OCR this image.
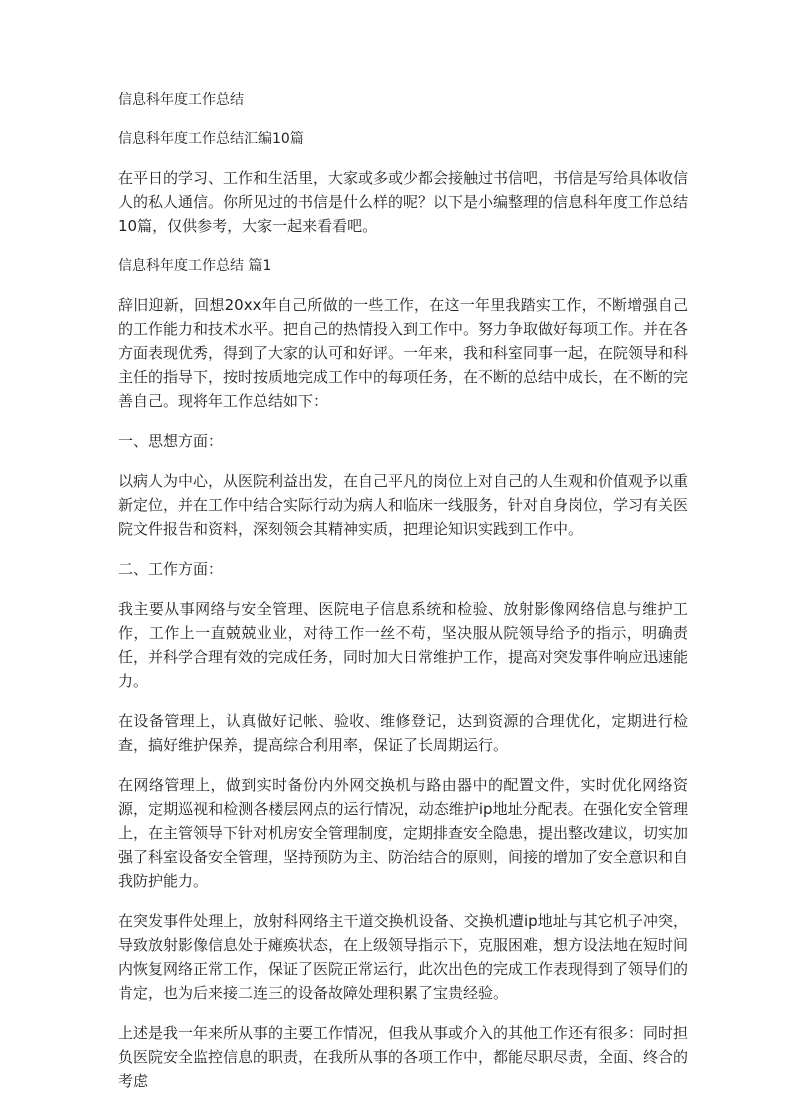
信息科年度工作总结

信息科年度工作总结汇编10篇

在平日的学习、工作和生活里，大家或多或少都会接触过书信吧，书信是写给具体收信人的私人通信。你所见过的书信是什么样的呢？以下是小编整理的信息科年度工作总结10篇，仅供参考，大家一起来看看吧。

信息科年度工作总结 篇1

辞旧迎新，回想20xx年自己所做的一些工作，在这一年里我踏实工作，不断增强自己的工作能力和技术水平。把自己的热情投入到工作中。努力争取做好每项工作。并在各方面表现优秀，得到了大家的认可和好评。一年来，我和科室同事一起，在院领导和科主任的指导下，按时按质地完成工作中的每项任务，在不断的总结中成长，在不断的完善自己。现将年工作总结如下：

一、思想方面：

以病人为中心，从医院利益出发，在自己平凡的岗位上对自己的人生观和价值观予以重新定位，并在工作中结合实际行动为病人和临床一线服务，针对自身岗位，学习有关医院文件报告和资料，深刻领会其精神实质，把理论知识实践到工作中。

二、工作方面：

我主要从事网络与安全管理、医院电子信息系统和检验、放射影像网络信息与维护工作，工作上一直兢兢业业，对待工作一丝不苟，坚决服从院领导给予的指示，明确责任，并科学合理有效的完成任务，同时加大日常维护工作，提高对突发事件响应迅速能力。

在设备管理上，认真做好记帐、验收、维修登记，达到资源的合理优化，定期进行检查，搞好维护保养，提高综合利用率，保证了长周期运行。

在网络管理上，做到实时备份内外网交换机与路由器中的配置文件，实时优化网络资源，定期巡视和检测各楼层网点的运行情况，动态维护ip地址分配表。在强化安全管理上，在主管领导下针对机房安全管理制度，定期排查安全隐患，提出整改建议，切实加强了科室设备安全管理，坚持预防为主、防治结合的原则，间接的增加了安全意识和自我防护能力。

在突发事件处理上，放射科网络主干道交换机设备、交换机遭ip地址与其它机子冲突，导致放射影像信息处于瘫痪状态，在上级领导指示下，克服困难，想方设法地在短时间内恢复网络正常工作，保证了医院正常运行，此次出色的完成工作表现得到了领导们的肯定，也为后来接二连三的设备故障处理积累了宝贵经验。

上述是我一年来所从事的主要工作情况，但我从事或介入的其他工作还有很多：同时担负医院安全监控信息的职责，在我所从事的各项工作中，都能尽职尽责，全面、终合的考虑
